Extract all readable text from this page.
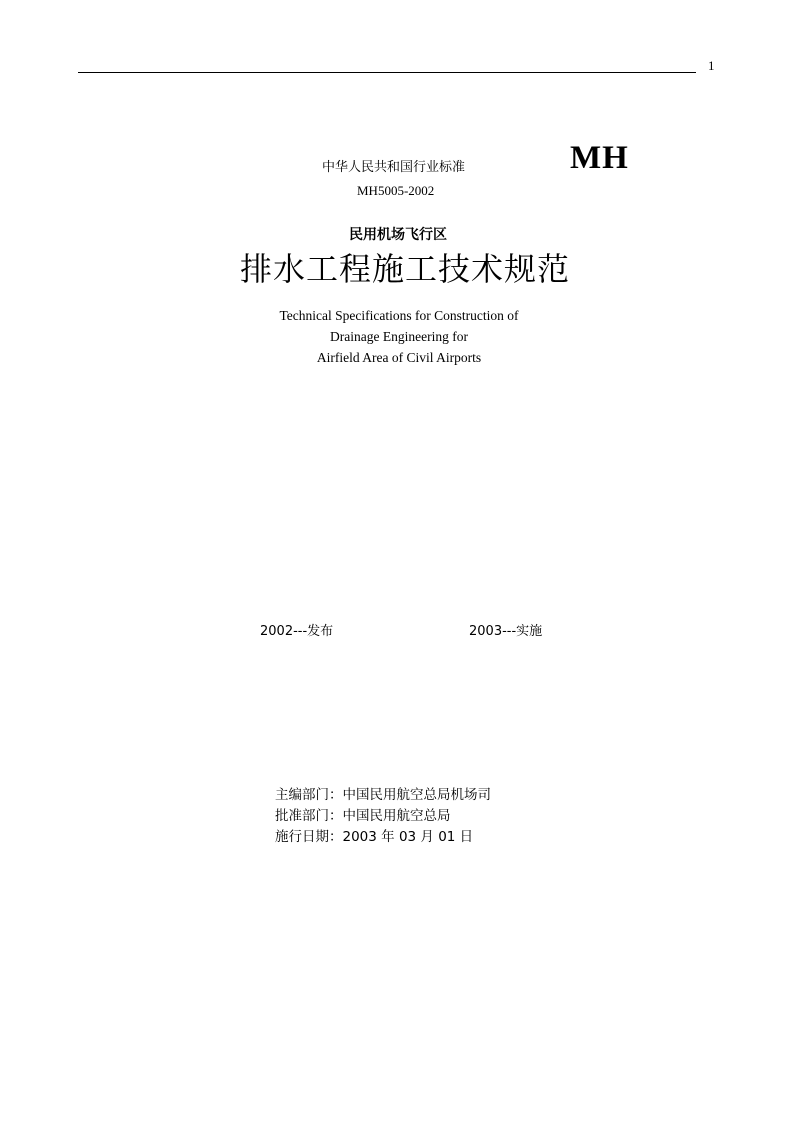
1
中华人民共和国行业标准	MH
MH5005-2002
民用机场飞行区
排水工程施工技术规范
Technical Specifications for Construction of
Drainage Engineering for
Airfield Area of Civil Airports
2002---发布	2003---实施
主编部门：中国民用航空总局机场司
批准部门：中国民用航空总局
施行日期：2003 年 03 月 01 日
